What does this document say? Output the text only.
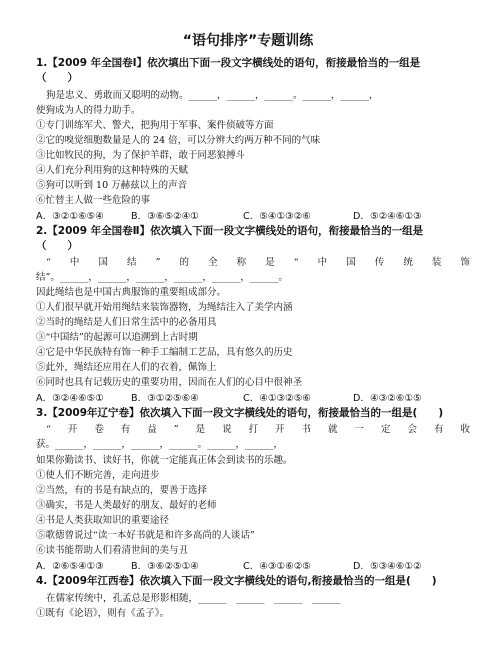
“语句排序”专题训练
1.【2009 年全国卷Ⅰ】依次填出下面一段文字横线处的语句，衔接最恰当的一组是
（　　）
狗是忠义、勇敢而又聪明的动物。______，______，______。______，______，
使狗成为人的得力助手。
①专门训练军犬、警犬，把狗用于军事、案件侦破等方面
②它的嗅觉细胞数量是人的 24 倍，可以分辨大约两万种不同的气味
③比如牧民的狗，为了保护羊群，敢于同恶狼搏斗
④人们充分利用狗的这种特殊的天赋
⑤狗可以听到 10 万赫兹以上的声音
⑥忙替主人做一些危险的事
A．③②①⑥⑤④	B．③⑥⑤②④①	C．⑤④①③②⑥	D．⑤②④⑥①③
2.【2009 年全国卷Ⅱ】依次填入下面一段文字横线处的语句，衔接最恰当的一组是
（　　）
“ 中 国 结 ” 的 全 称 是 “ 中 国 传 统 装 饰
结”。______，______，______，______，______，______。
因此绳结也是中国古典服饰的重要组成部分。
①人们很早就开始用绳结来装饰器物，为绳结注入了美学内涵
②当时的绳结是人们日常生活中的必备用具
③“中国结”的起源可以追溯到上古时期
④它是中华民族特有饰一种手工编制工艺品，具有悠久的历史
⑤此外，绳结还应用在人们的衣着，佩饰上
⑥同时也具有记载历史的重要功用，因而在人们的心目中很神圣
A．③②④⑥⑤①	B．③①②⑤⑥④	C．④①③②⑤⑥	D．④③②⑥①⑤
3.【2009年辽宁卷】依次填入下面一段文字横线处的语句，衔接最恰当的一组是(　　)
“ 开 卷 有 益 ” 是 说 打 开 书 就 一 定 会 有 收
获。______，______，______，______。______，______，
如果你勤读书、读好书，你就一定能真正体会到读书的乐趣。
①使人们不断完善，走向进步
②当然，有的书是有缺点的，要善于选择
③确实，书是人类最好的朋友、最好的老师
④书是人类获取知识的重要途径
⑤歌德曾说过“读一本好书就是和许多高尚的人谈话”
⑥读书能帮助人们看清世间的美与丑
A．②⑥⑤④①③	B．③⑥②⑤①④	C．④③①⑥②⑤	D．⑤③④⑥①②
4.【2009年江西卷】依次填入下面一段文字横线处的语句,衔接最恰当的一组是(　　)
在儒家传统中，孔孟总是形影相随，______　______　______　______
①既有《论语》，则有《孟子》。
